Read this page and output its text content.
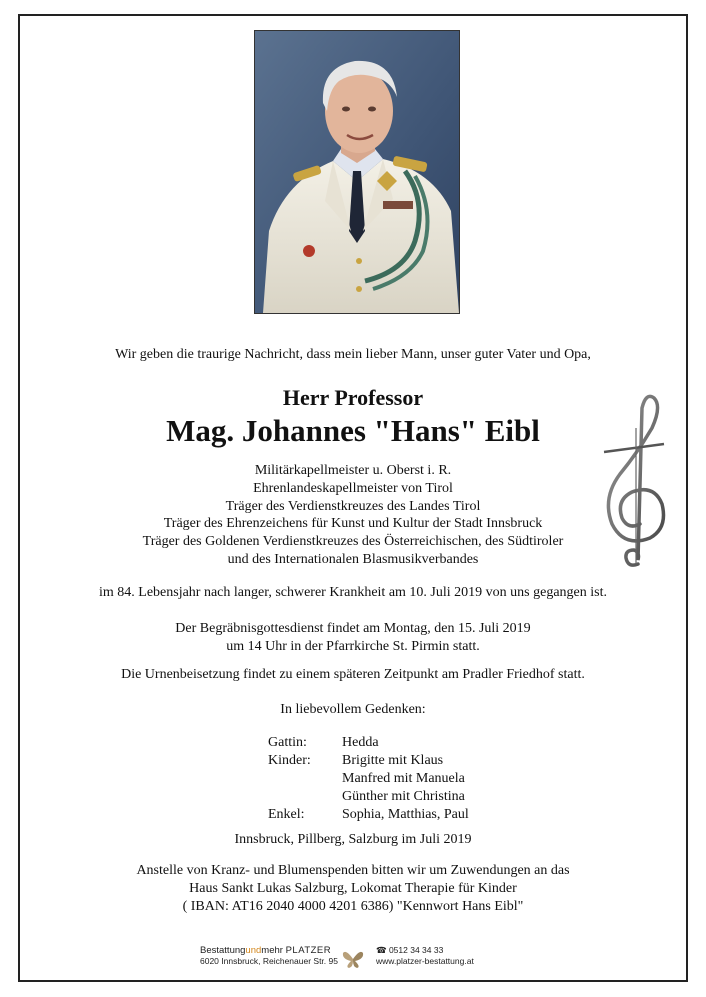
Wir geben die traurige Nachricht, dass mein lieber Mann, unser guter Vater und Opa,

Herr Professor

Mag. Johannes "Hans" Eibl

Militärkapellmeister u. Oberst i. R.
Ehrenlandeskapellmeister von Tirol
Träger des Verdienstkreuzes des Landes Tirol
Träger des Ehrenzeichens für Kunst und Kultur der Stadt Innsbruck
Träger des Goldenen Verdienstkreuzes des Österreichischen, des Südtiroler
und des Internationalen Blasmusikverbandes

im 84. Lebensjahr nach langer, schwerer Krankheit am 10. Juli 2019 von uns gegangen ist.

Der Begräbnisgottesdienst findet am Montag, den 15. Juli 2019
um 14 Uhr in der Pfarrkirche St. Pirmin statt.

Die Urnenbeisetzung findet zu einem späteren Zeitpunkt am Pradler Friedhof statt.

In liebevollem Gedenken:

Gattin:	Hedda
Kinder:	Brigitte mit Klaus
Manfred mit Manuela
Günther mit Christina
Enkel:	Sophia, Matthias, Paul

Innsbruck, Pillberg, Salzburg im Juli 2019

Anstelle von Kranz- und Blumenspenden bitten wir um Zuwendungen an das
Haus Sankt Lukas Salzburg, Lokomat Therapie für Kinder
( IBAN: AT16 2040 4000 4201 6386) "Kennwort Hans Eibl"
Bestattungundmehr PLATZER
6020 Innsbruck, Reichenauer Str. 95
☎ 0512 34 34 33
www.platzer-bestattung.at
